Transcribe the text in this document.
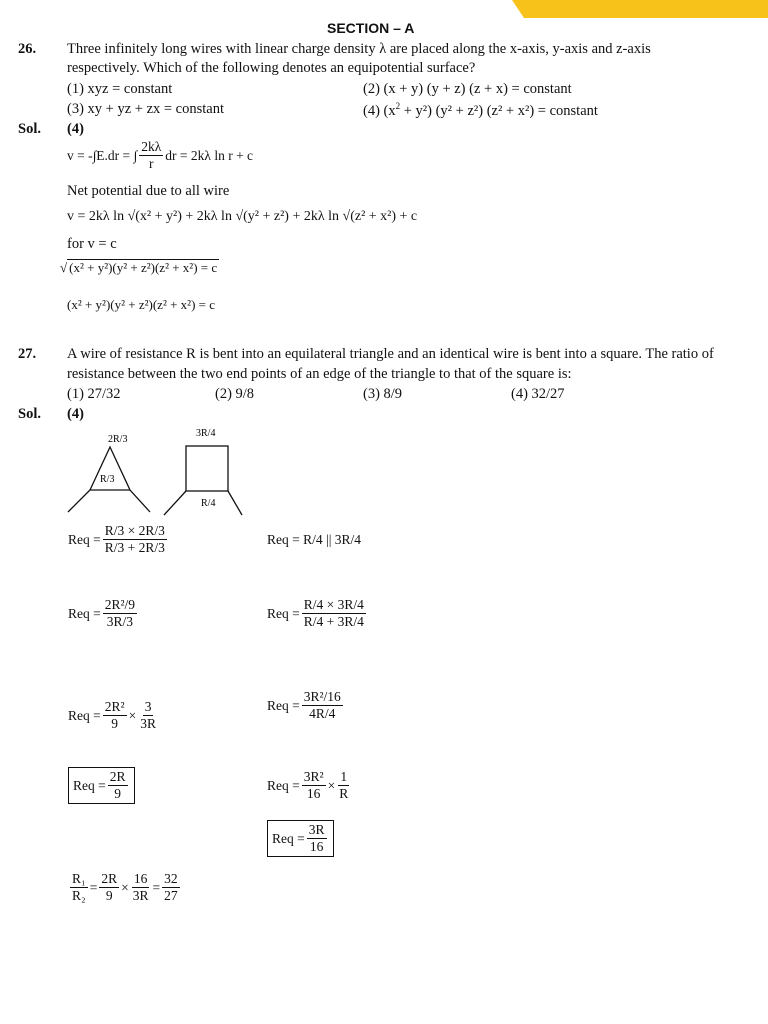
SECTION – A
26. Three infinitely long wires with linear charge density λ are placed along the x-axis, y-axis and z-axis
respectively. Which of the following denotes an equipotential surface?
(1) xyz = constant	(2) (x + y) (y + z) (z + x) = constant
(3) xy + yz + zx = constant	(4) $(x^2 + y^2) (y^2 + z^2) (z^2 + x^2)$ = constant
Sol. (4)
v = -∫E.dr = ∫ $\frac{2k\lambda}{r}$ dr = 2kλ ln r + c
Net potential due to all wire
v = 2kλ ln √(x² + y²) + 2kλ ln √(y² + z²) + 2kλ ln √(z² + x²) + c
for v = c
√ (x² + y²)(y² + z²)(z² + x²) = c
(x² + y²)(y² + z²)(z² + x²) = c
27. A wire of resistance R is bent into an equilateral triangle and an identical wire is bent into a square. The ratio of
resistance between the two end points of an edge of the triangle to that of the square is:
(1) 27/32	(2) 9/8	(3) 8/9	(4) 32/27
Sol. (4)
2R/3
R/3
3R/4
R/4
Req = $\frac{R/3 \times 2R/3}{R/3 + 2R/3}$
Req = $\frac{\text{2R²/9}}{3R/3}$
Req = $\frac{\text{2R²}}{9} \times \frac{3}{3R}$
Req = $\frac{2R}{9}$
Req =
R/4 || 3R/4
Req = $\frac{R/4 \times 3R/4}{R/4 + 3R/4}$
Req = $\frac{\text{3R²/16}}{4R/4}$
Req = $\frac{\text{3R²}}{16} \times \frac{1}{R}$
Req = $\frac{3R}{16}$
$\frac{\text{R₁}}{\text{R₂}} = \frac{2R}{9} \times \frac{16}{3R} = \frac{32}{27}$
